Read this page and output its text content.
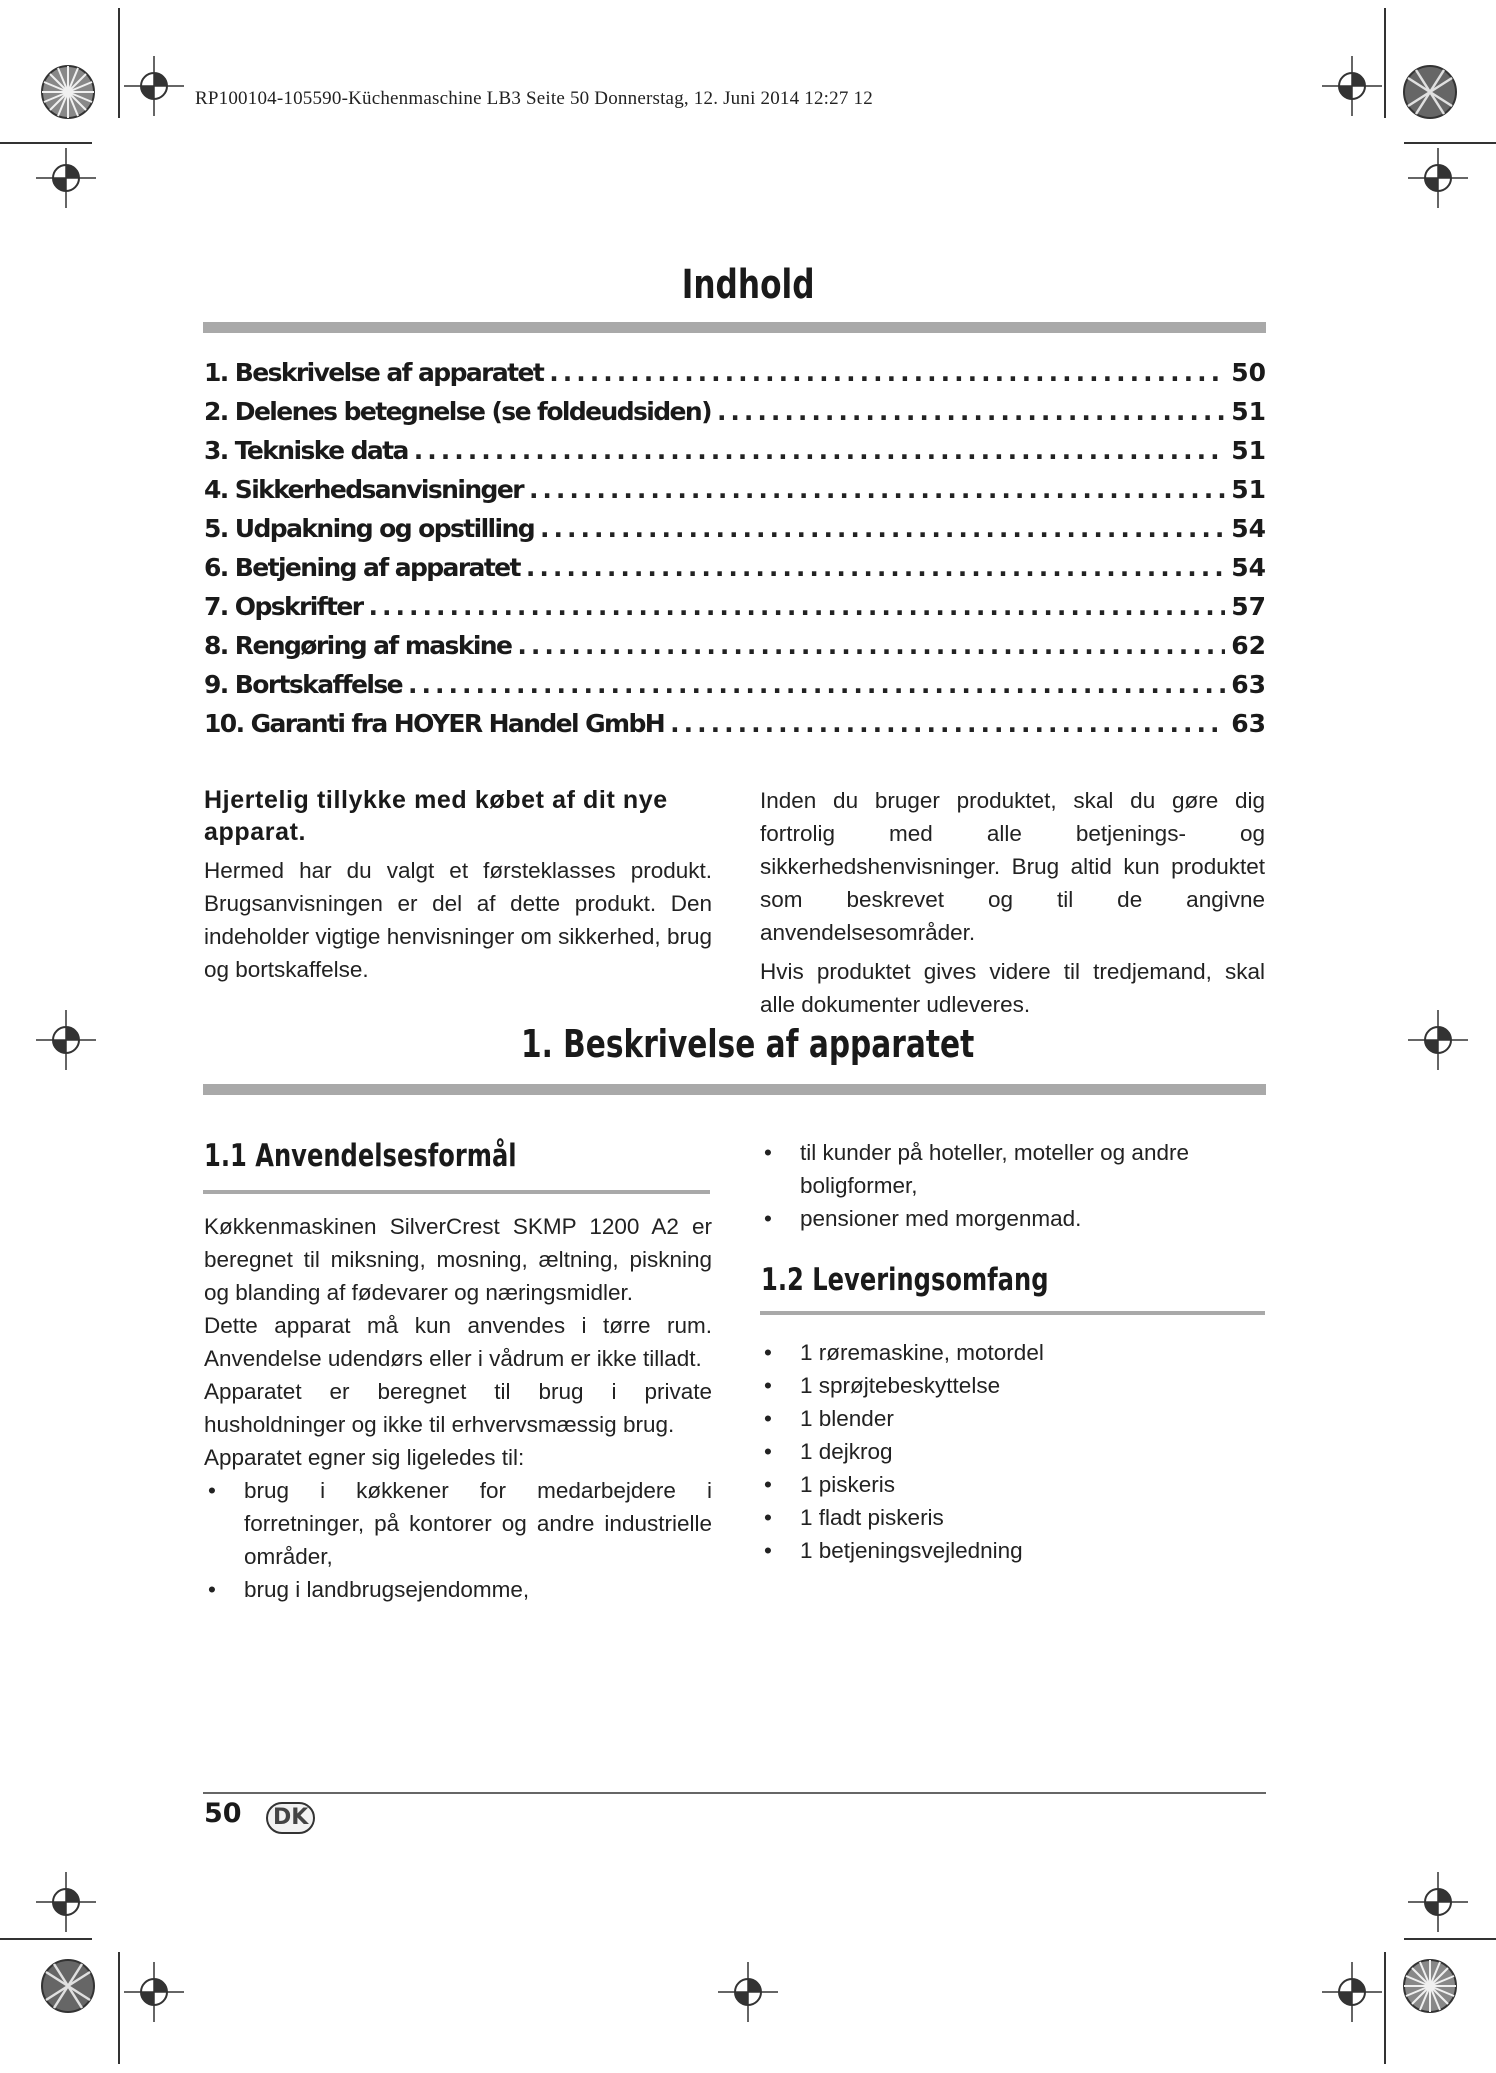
RP100104-105590-Küchenmaschine LB3 Seite 50 Donnerstag, 12. Juni 2014 12:27 12
Indhold
1. Beskrivelse af apparatet .....	50
2. Delenes betegnelse (se foldeudsiden) .....	51
3. Tekniske data .....	51
4. Sikkerhedsanvisninger .....	51
5. Udpakning og opstilling .....	54
6. Betjening af apparatet .....	54
7. Opskrifter .....	57
8. Rengøring af maskine .....	62
9. Bortskaffelse .....	63
10. Garanti fra HOYER Handel GmbH .....	63

Hjertelig tillykke med købet af dit nye apparat.

Hermed har du valgt et førsteklasses produkt. Brugsanvisningen er del af dette produkt. Den indeholder vigtige henvisninger om sikkerhed, brug og bortskaffelse.

Inden du bruger produktet, skal du gøre dig fortrolig med alle betjenings- og sikkerhedshenvisninger. Brug altid kun produktet som beskrevet og til de angivne anvendelsesområder.

Hvis produktet gives videre til tredjemand, skal alle dokumenter udleveres.

1. Beskrivelse af apparatet
1.1 Anvendelsesformål

Køkkenmaskinen SilverCrest SKMP 1200 A2 er beregnet til miksning, mosning, æltning, piskning og blanding af fødevarer og næringsmidler.

Dette apparat må kun anvendes i tørre rum. Anvendelse udendørs eller i vådrum er ikke tilladt.

Apparatet er beregnet til brug i private husholdninger og ikke til erhvervsmæssig brug.

Apparatet egner sig ligeledes til:

• brug i køkkener for medarbejdere i forretninger, på kontorer og andre industrielle områder,
• brug i landbrugsejendomme,
• til kunder på hoteller, moteller og andre boligformer,
• pensioner med morgenmad.
1.2 Leveringsomfang
• 1 røremaskine, motordel
• 1 sprøjtebeskyttelse
• 1 blender
• 1 dejkrog
• 1 piskeris
• 1 fladt piskeris
• 1 betjeningsvejledning
50	DK
